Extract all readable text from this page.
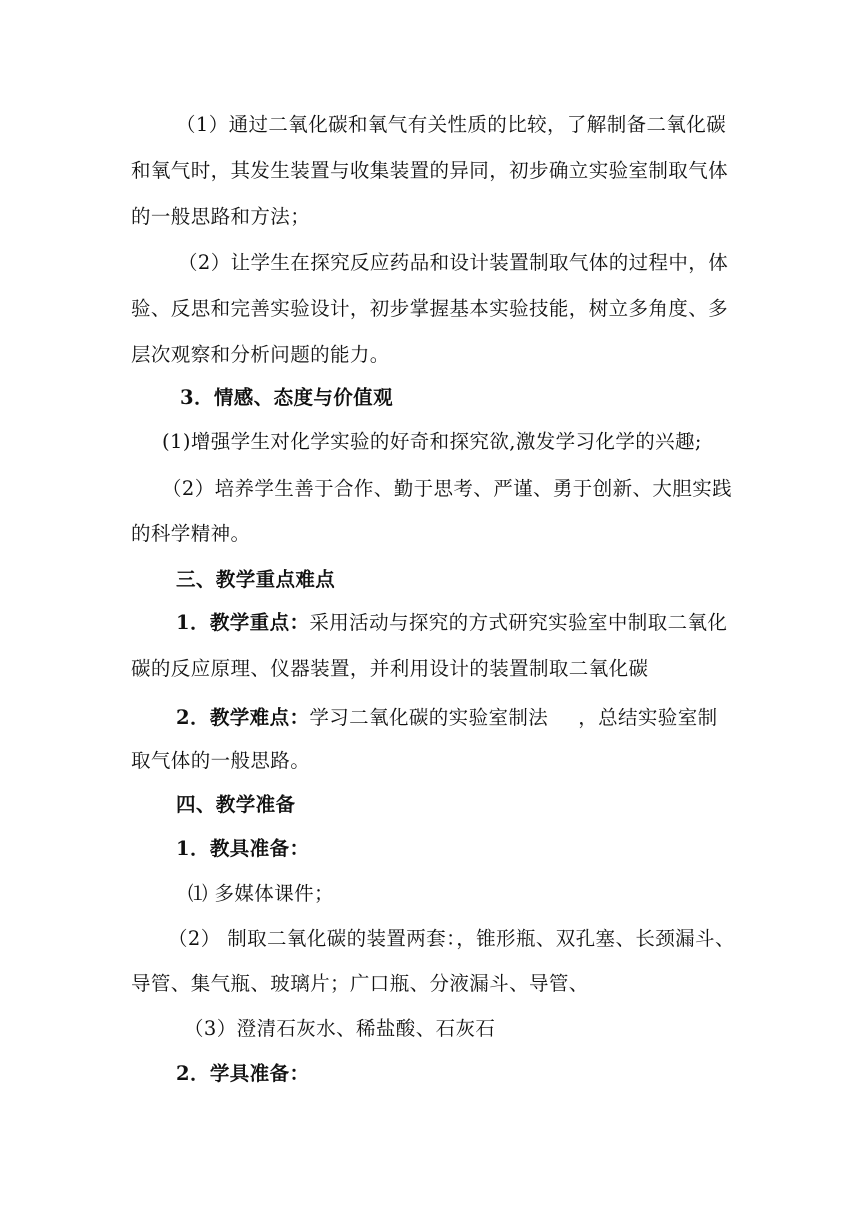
（1）通过二氧化碳和氧气有关性质的比较，了解制备二氧化碳
和氧气时，其发生装置与收集装置的异同，初步确立实验室制取气体
的一般思路和方法；
（2）让学生在探究反应药品和设计装置制取气体的过程中，体
验、反思和完善实验设计，初步掌握基本实验技能，树立多角度、多
层次观察和分析问题的能力。
3．情感、态度与价值观
(1)增强学生对化学实验的好奇和探究欲,激发学习化学的兴趣;
（2）培养学生善于合作、勤于思考、严谨、勇于创新、大胆实践
的科学精神。
三、教学重点难点
1．教学重点：采用活动与探究的方式研究实验室中制取二氧化
碳的反应原理、仪器装置，并利用设计的装置制取二氧化碳
2．教学难点：学习二氧化碳的实验室制法 ，总结实验室制
取气体的一般思路。
四、教学准备
1．教具准备：
⑴ 多媒体课件；
（2） 制取二氧化碳的装置两套：，锥形瓶、双孔塞、长颈漏斗、
导管、集气瓶、玻璃片；广口瓶、分液漏斗、导管、
（3）澄清石灰水、稀盐酸、石灰石
2．学具准备：
